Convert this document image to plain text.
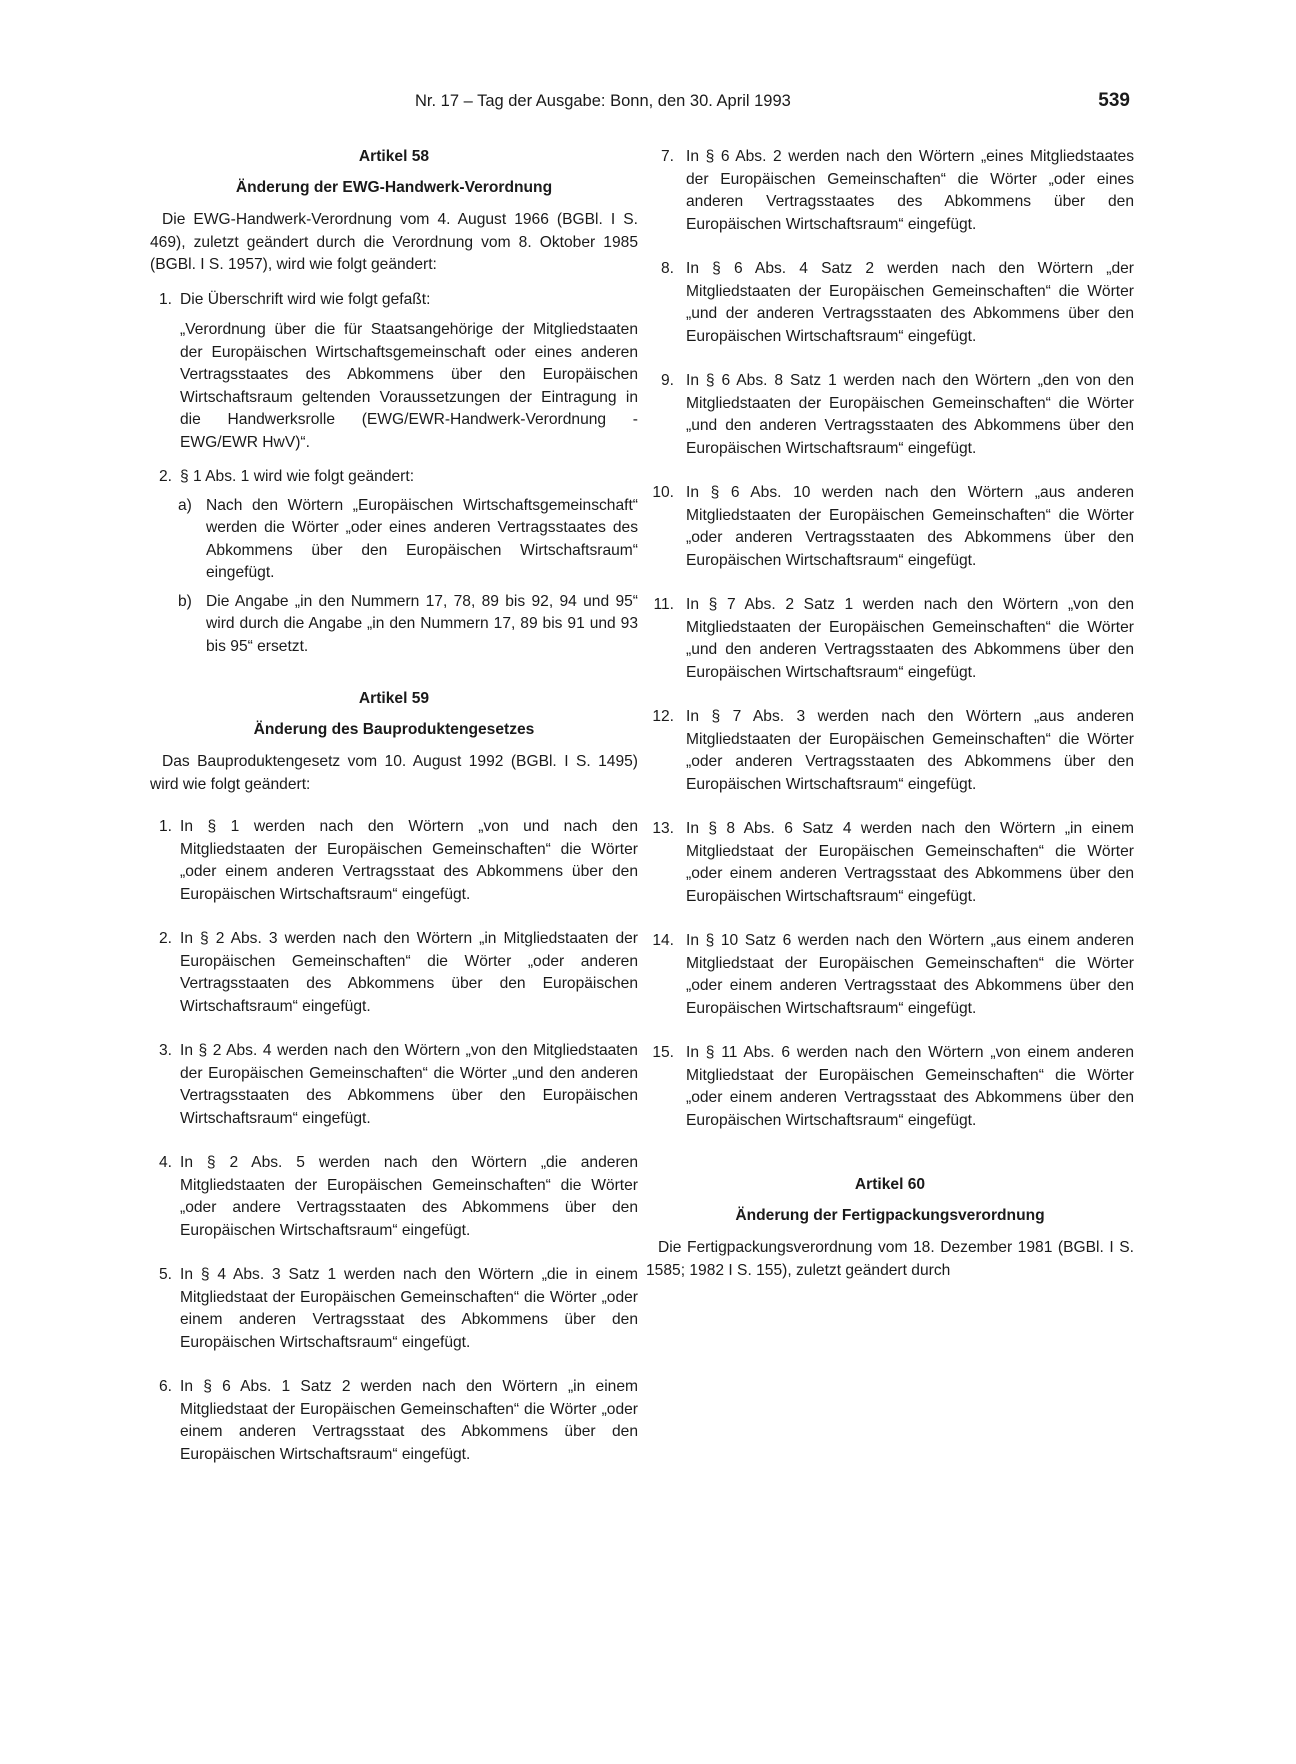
Nr. 17 – Tag der Ausgabe: Bonn, den 30. April 1993	539
Artikel 58
Änderung der EWG-Handwerk-Verordnung

Die EWG-Handwerk-Verordnung vom 4. August 1966 (BGBl. I S. 469), zuletzt geändert durch die Verordnung vom 8. Oktober 1985 (BGBl. I S. 1957), wird wie folgt geändert:

1. Die Überschrift wird wie folgt gefaßt:

„Verordnung über die für Staatsangehörige der Mitgliedstaaten der Europäischen Wirtschaftsgemeinschaft oder eines anderen Vertragsstaates des Abkommens über den Europäischen Wirtschaftsraum geltenden Voraussetzungen der Eintragung in die Handwerksrolle (EWG/EWR-Handwerk-Verordnung - EWG/EWR HwV)“.

2. § 1 Abs. 1 wird wie folgt geändert:
a) Nach den Wörtern „Europäischen Wirtschaftsgemeinschaft“ werden die Wörter „oder eines anderen Vertragsstaates des Abkommens über den Europäischen Wirtschaftsraum“ eingefügt.
b) Die Angabe „in den Nummern 17, 78, 89 bis 92, 94 und 95“ wird durch die Angabe „in den Nummern 17, 89 bis 91 und 93 bis 95“ ersetzt.
Artikel 59
Änderung des Bauproduktengesetzes

Das Bauproduktengesetz vom 10. August 1992 (BGBl. I S. 1495) wird wie folgt geändert:

1. In § 1 werden nach den Wörtern „von und nach den Mitgliedstaaten der Europäischen Gemeinschaften“ die Wörter „oder einem anderen Vertragsstaat des Abkommens über den Europäischen Wirtschaftsraum“ eingefügt.
2. In § 2 Abs. 3 werden nach den Wörtern „in Mitgliedstaaten der Europäischen Gemeinschaften“ die Wörter „oder anderen Vertragsstaaten des Abkommens über den Europäischen Wirtschaftsraum“ eingefügt.
3. In § 2 Abs. 4 werden nach den Wörtern „von den Mitgliedstaaten der Europäischen Gemeinschaften“ die Wörter „und den anderen Vertragsstaaten des Abkommens über den Europäischen Wirtschaftsraum“ eingefügt.
4. In § 2 Abs. 5 werden nach den Wörtern „die anderen Mitgliedstaaten der Europäischen Gemeinschaften“ die Wörter „oder andere Vertragsstaaten des Abkommens über den Europäischen Wirtschaftsraum“ eingefügt.
5. In § 4 Abs. 3 Satz 1 werden nach den Wörtern „die in einem Mitgliedstaat der Europäischen Gemeinschaften“ die Wörter „oder einem anderen Vertragsstaat des Abkommens über den Europäischen Wirtschaftsraum“ eingefügt.
6. In § 6 Abs. 1 Satz 2 werden nach den Wörtern „in einem Mitgliedstaat der Europäischen Gemeinschaften“ die Wörter „oder einem anderen Vertragsstaat des Abkommens über den Europäischen Wirtschaftsraum“ eingefügt.
7. In § 6 Abs. 2 werden nach den Wörtern „eines Mitgliedstaates der Europäischen Gemeinschaften“ die Wörter „oder eines anderen Vertragsstaates des Abkommens über den Europäischen Wirtschaftsraum“ eingefügt.
8. In § 6 Abs. 4 Satz 2 werden nach den Wörtern „der Mitgliedstaaten der Europäischen Gemeinschaften“ die Wörter „und der anderen Vertragsstaaten des Abkommens über den Europäischen Wirtschaftsraum“ eingefügt.
9. In § 6 Abs. 8 Satz 1 werden nach den Wörtern „den von den Mitgliedstaaten der Europäischen Gemeinschaften“ die Wörter „und den anderen Vertragsstaaten des Abkommens über den Europäischen Wirtschaftsraum“ eingefügt.
10. In § 6 Abs. 10 werden nach den Wörtern „aus anderen Mitgliedstaaten der Europäischen Gemeinschaften“ die Wörter „oder anderen Vertragsstaaten des Abkommens über den Europäischen Wirtschaftsraum“ eingefügt.
11. In § 7 Abs. 2 Satz 1 werden nach den Wörtern „von den Mitgliedstaaten der Europäischen Gemeinschaften“ die Wörter „und den anderen Vertragsstaaten des Abkommens über den Europäischen Wirtschaftsraum“ eingefügt.
12. In § 7 Abs. 3 werden nach den Wörtern „aus anderen Mitgliedstaaten der Europäischen Gemeinschaften“ die Wörter „oder anderen Vertragsstaaten des Abkommens über den Europäischen Wirtschaftsraum“ eingefügt.
13. In § 8 Abs. 6 Satz 4 werden nach den Wörtern „in einem Mitgliedstaat der Europäischen Gemeinschaften“ die Wörter „oder einem anderen Vertragsstaat des Abkommens über den Europäischen Wirtschaftsraum“ eingefügt.
14. In § 10 Satz 6 werden nach den Wörtern „aus einem anderen Mitgliedstaat der Europäischen Gemeinschaften“ die Wörter „oder einem anderen Vertragsstaat des Abkommens über den Europäischen Wirtschaftsraum“ eingefügt.
15. In § 11 Abs. 6 werden nach den Wörtern „von einem anderen Mitgliedstaat der Europäischen Gemeinschaften“ die Wörter „oder einem anderen Vertragsstaat des Abkommens über den Europäischen Wirtschaftsraum“ eingefügt.
Artikel 60
Änderung der Fertigpackungsverordnung

Die Fertigpackungsverordnung vom 18. Dezember 1981 (BGBl. I S. 1585; 1982 I S. 155), zuletzt geändert durch
